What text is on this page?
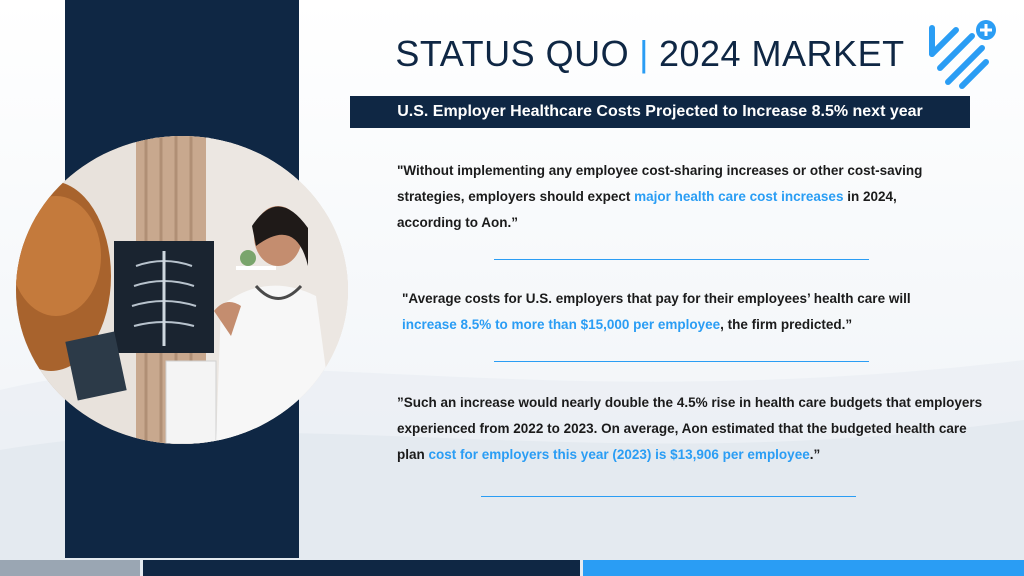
STATUS QUO | 2024 MARKET
U.S. Employer Healthcare Costs Projected to Increase 8.5% next year

"Without implementing any employee cost-sharing increases or other cost-saving strategies, employers should expect major health care cost increases in 2024, according to Aon.”

"Average costs for U.S. employers that pay for their employees’ health care will increase 8.5% to more than $15,000 per employee, the firm predicted.”

”Such an increase would nearly double the 4.5% rise in health care budgets that employers experienced from 2022 to 2023. On average, Aon estimated that the budgeted health care plan cost for employers this year (2023) is $13,906 per employee.”
